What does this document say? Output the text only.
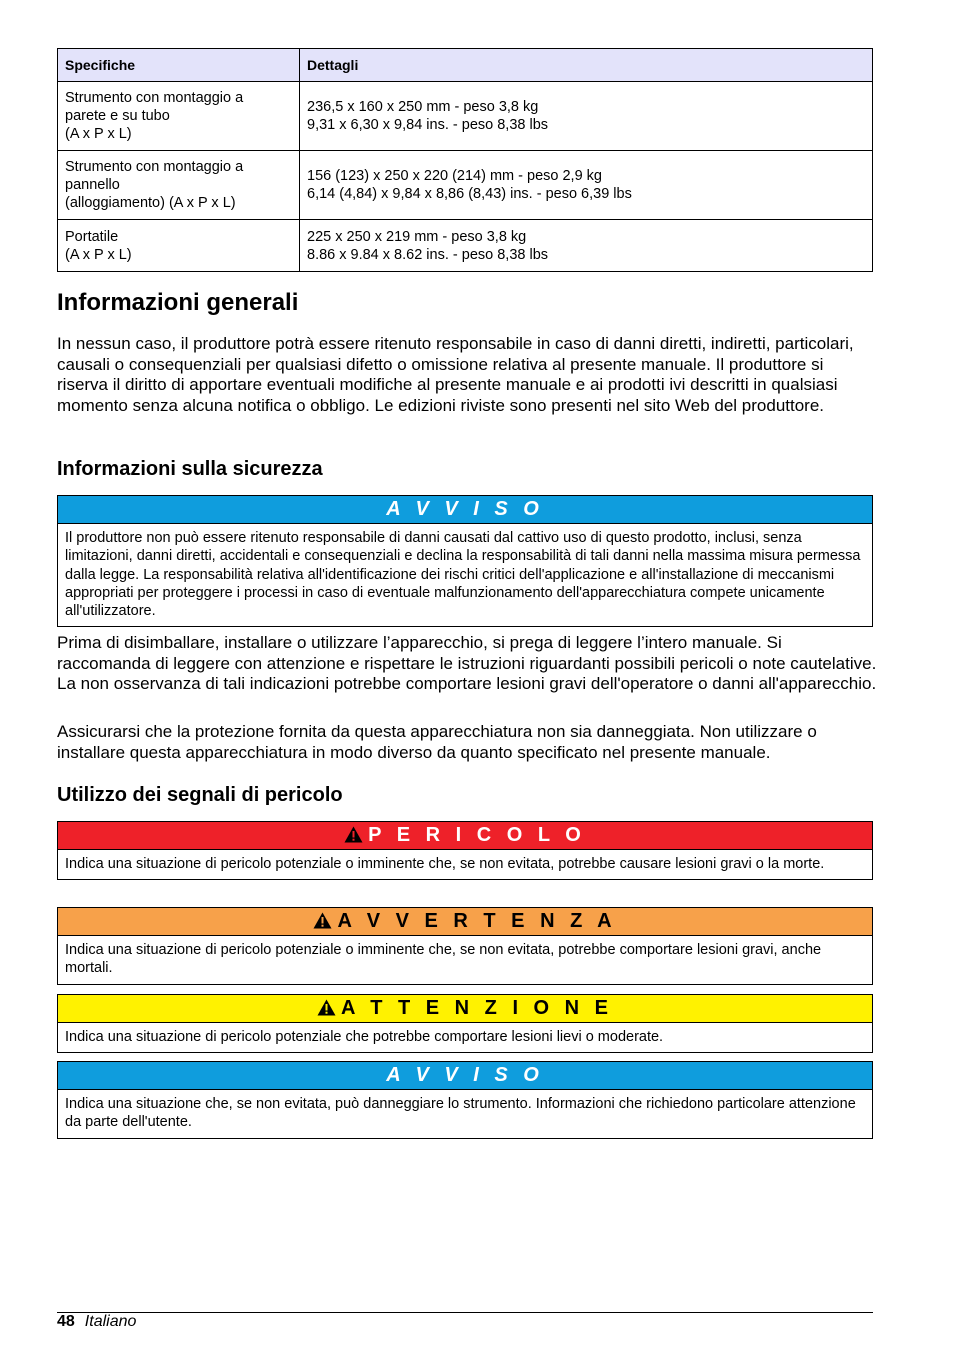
Specifiche	Dettagli
Strumento con montaggio a
parete e su tubo
(A x P x L)	236,5 x 160 x 250 mm - peso 3,8 kg
9,31 x 6,30 x 9,84 ins. - peso 8,38 lbs
Strumento con montaggio a
pannello
(alloggiamento) (A x P x L)	156 (123) x 250 x 220 (214) mm - peso 2,9 kg
6,14 (4,84) x 9,84 x 8,86 (8,43) ins. - peso 6,39 lbs
Portatile
(A x P x L)	225 x 250 x 219 mm - peso 3,8 kg
8.86 x 9.84 x 8.62 ins. - peso 8,38 lbs
Informazioni generali

In nessun caso, il produttore potrà essere ritenuto responsabile in caso di danni diretti, indiretti, particolari, causali o consequenziali per qualsiasi difetto o omissione relativa al presente manuale. Il produttore si riserva il diritto di apportare eventuali modifiche al presente manuale e ai prodotti ivi descritti in qualsiasi momento senza alcuna notifica o obbligo. Le edizioni riviste sono presenti nel sito Web del produttore.

Informazioni sulla sicurezza
A V V I S O
Il produttore non può essere ritenuto responsabile di danni causati dal cattivo uso di questo prodotto, inclusi, senza limitazioni, danni diretti, accidentali e consequenziali e declina la responsabilità di tali danni nella massima misura permessa dalla legge. La responsabilità relativa all'identificazione dei rischi critici dell'applicazione e all'installazione di meccanismi appropriati per proteggere i processi in caso di eventuale malfunzionamento dell'apparecchiatura compete unicamente all'utilizzatore.

Prima di disimballare, installare o utilizzare l’apparecchio, si prega di leggere l’intero manuale. Si raccomanda di leggere con attenzione e rispettare le istruzioni riguardanti possibili pericoli o note cautelative. La non osservanza di tali indicazioni potrebbe comportare lesioni gravi dell'operatore o danni all'apparecchio.

Assicurarsi che la protezione fornita da questa apparecchiatura non sia danneggiata. Non utilizzare o installare questa apparecchiatura in modo diverso da quanto specificato nel presente manuale.

Utilizzo dei segnali di pericolo
P E R I C O L O
Indica una situazione di pericolo potenziale o imminente che, se non evitata, potrebbe causare lesioni gravi o la morte.
A V V E R T E N Z A
Indica una situazione di pericolo potenziale o imminente che, se non evitata, potrebbe comportare lesioni gravi, anche mortali.
A T T E N Z I O N E
Indica una situazione di pericolo potenziale che potrebbe comportare lesioni lievi o moderate.
A V V I S O
Indica una situazione che, se non evitata, può danneggiare lo strumento. Informazioni che richiedono particolare attenzione da parte dell'utente.
48 Italiano
